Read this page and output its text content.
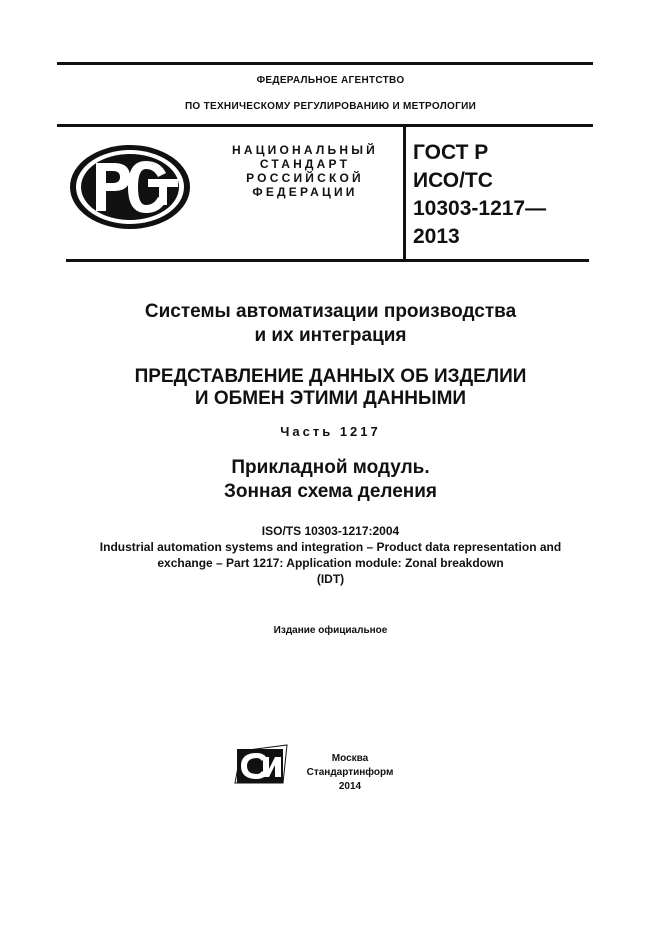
ФЕДЕРАЛЬНОЕ АГЕНТСТВО
ПО ТЕХНИЧЕСКОМУ РЕГУЛИРОВАНИЮ И МЕТРОЛОГИИ
НАЦИОНАЛЬНЫЙ
СТАНДАРТ
РОССИЙСКОЙ
ФЕДЕРАЦИИ
ГОСТ Р
ИСО/ТС
10303-1217—
2013
Системы автоматизации производства
и их интеграция
ПРЕДСТАВЛЕНИЕ ДАННЫХ ОБ ИЗДЕЛИИ
И ОБМЕН ЭТИМИ ДАННЫМИ
Часть 1217
Прикладной модуль.
Зонная схема деления
ISO/TS 10303-1217:2004
Industrial automation systems and integration – Product data representation and
exchange – Part 1217: Application module: Zonal breakdown
(IDT)
Издание официальное
Москва
Стандартинформ
2014
